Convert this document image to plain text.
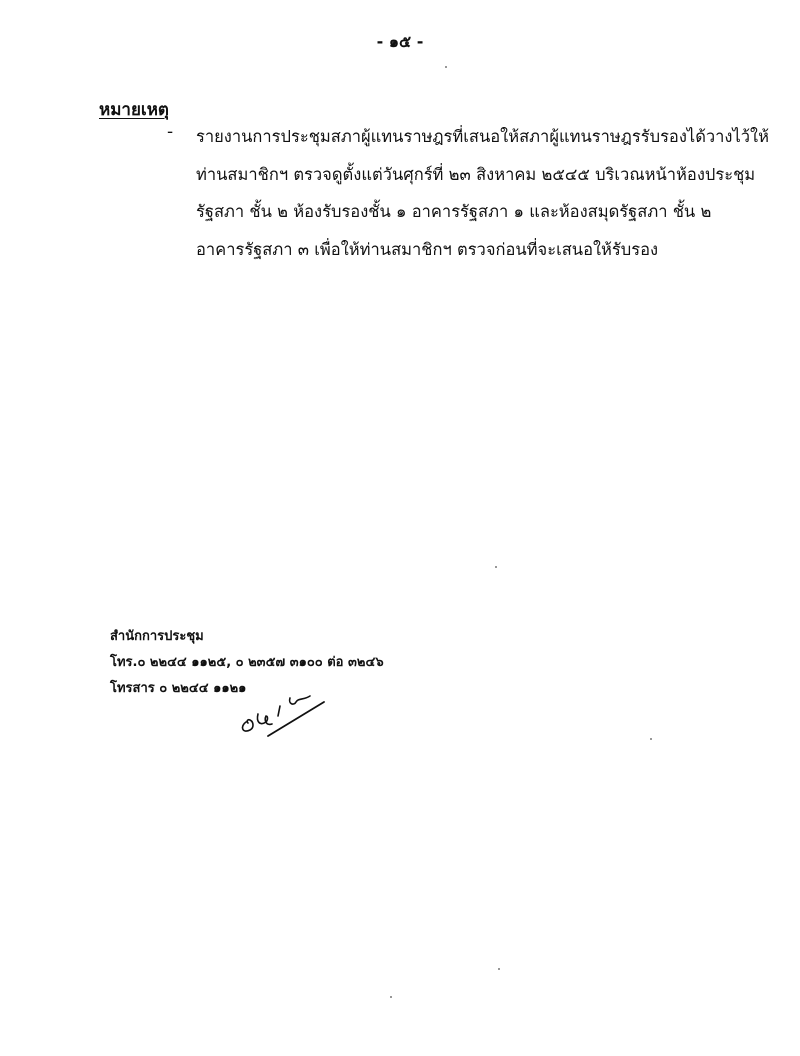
- ๑๕ -
หมายเหตุ
- รายงานการประชุมสภาผู้แทนราษฎรที่เสนอให้สภาผู้แทนราษฎรรับรองได้วางไว้ให้
ท่านสมาชิกฯ ตรวจดูตั้งแต่วันศุกร์ที่ ๒๓ สิงหาคม ๒๕๔๕ บริเวณหน้าห้องประชุม
รัฐสภา ชั้น ๒ ห้องรับรองชั้น ๑ อาคารรัฐสภา ๑ และห้องสมุดรัฐสภา ชั้น ๒
อาคารรัฐสภา ๓ เพื่อให้ท่านสมาชิกฯ ตรวจก่อนที่จะเสนอให้รับรอง
สำนักการประชุม
โทร.๐ ๒๒๔๔ ๑๑๒๕, ๐ ๒๓๕๗ ๓๑๐๐ ต่อ ๓๒๔๖
โทรสาร ๐ ๒๒๔๔ ๑๑๒๑
